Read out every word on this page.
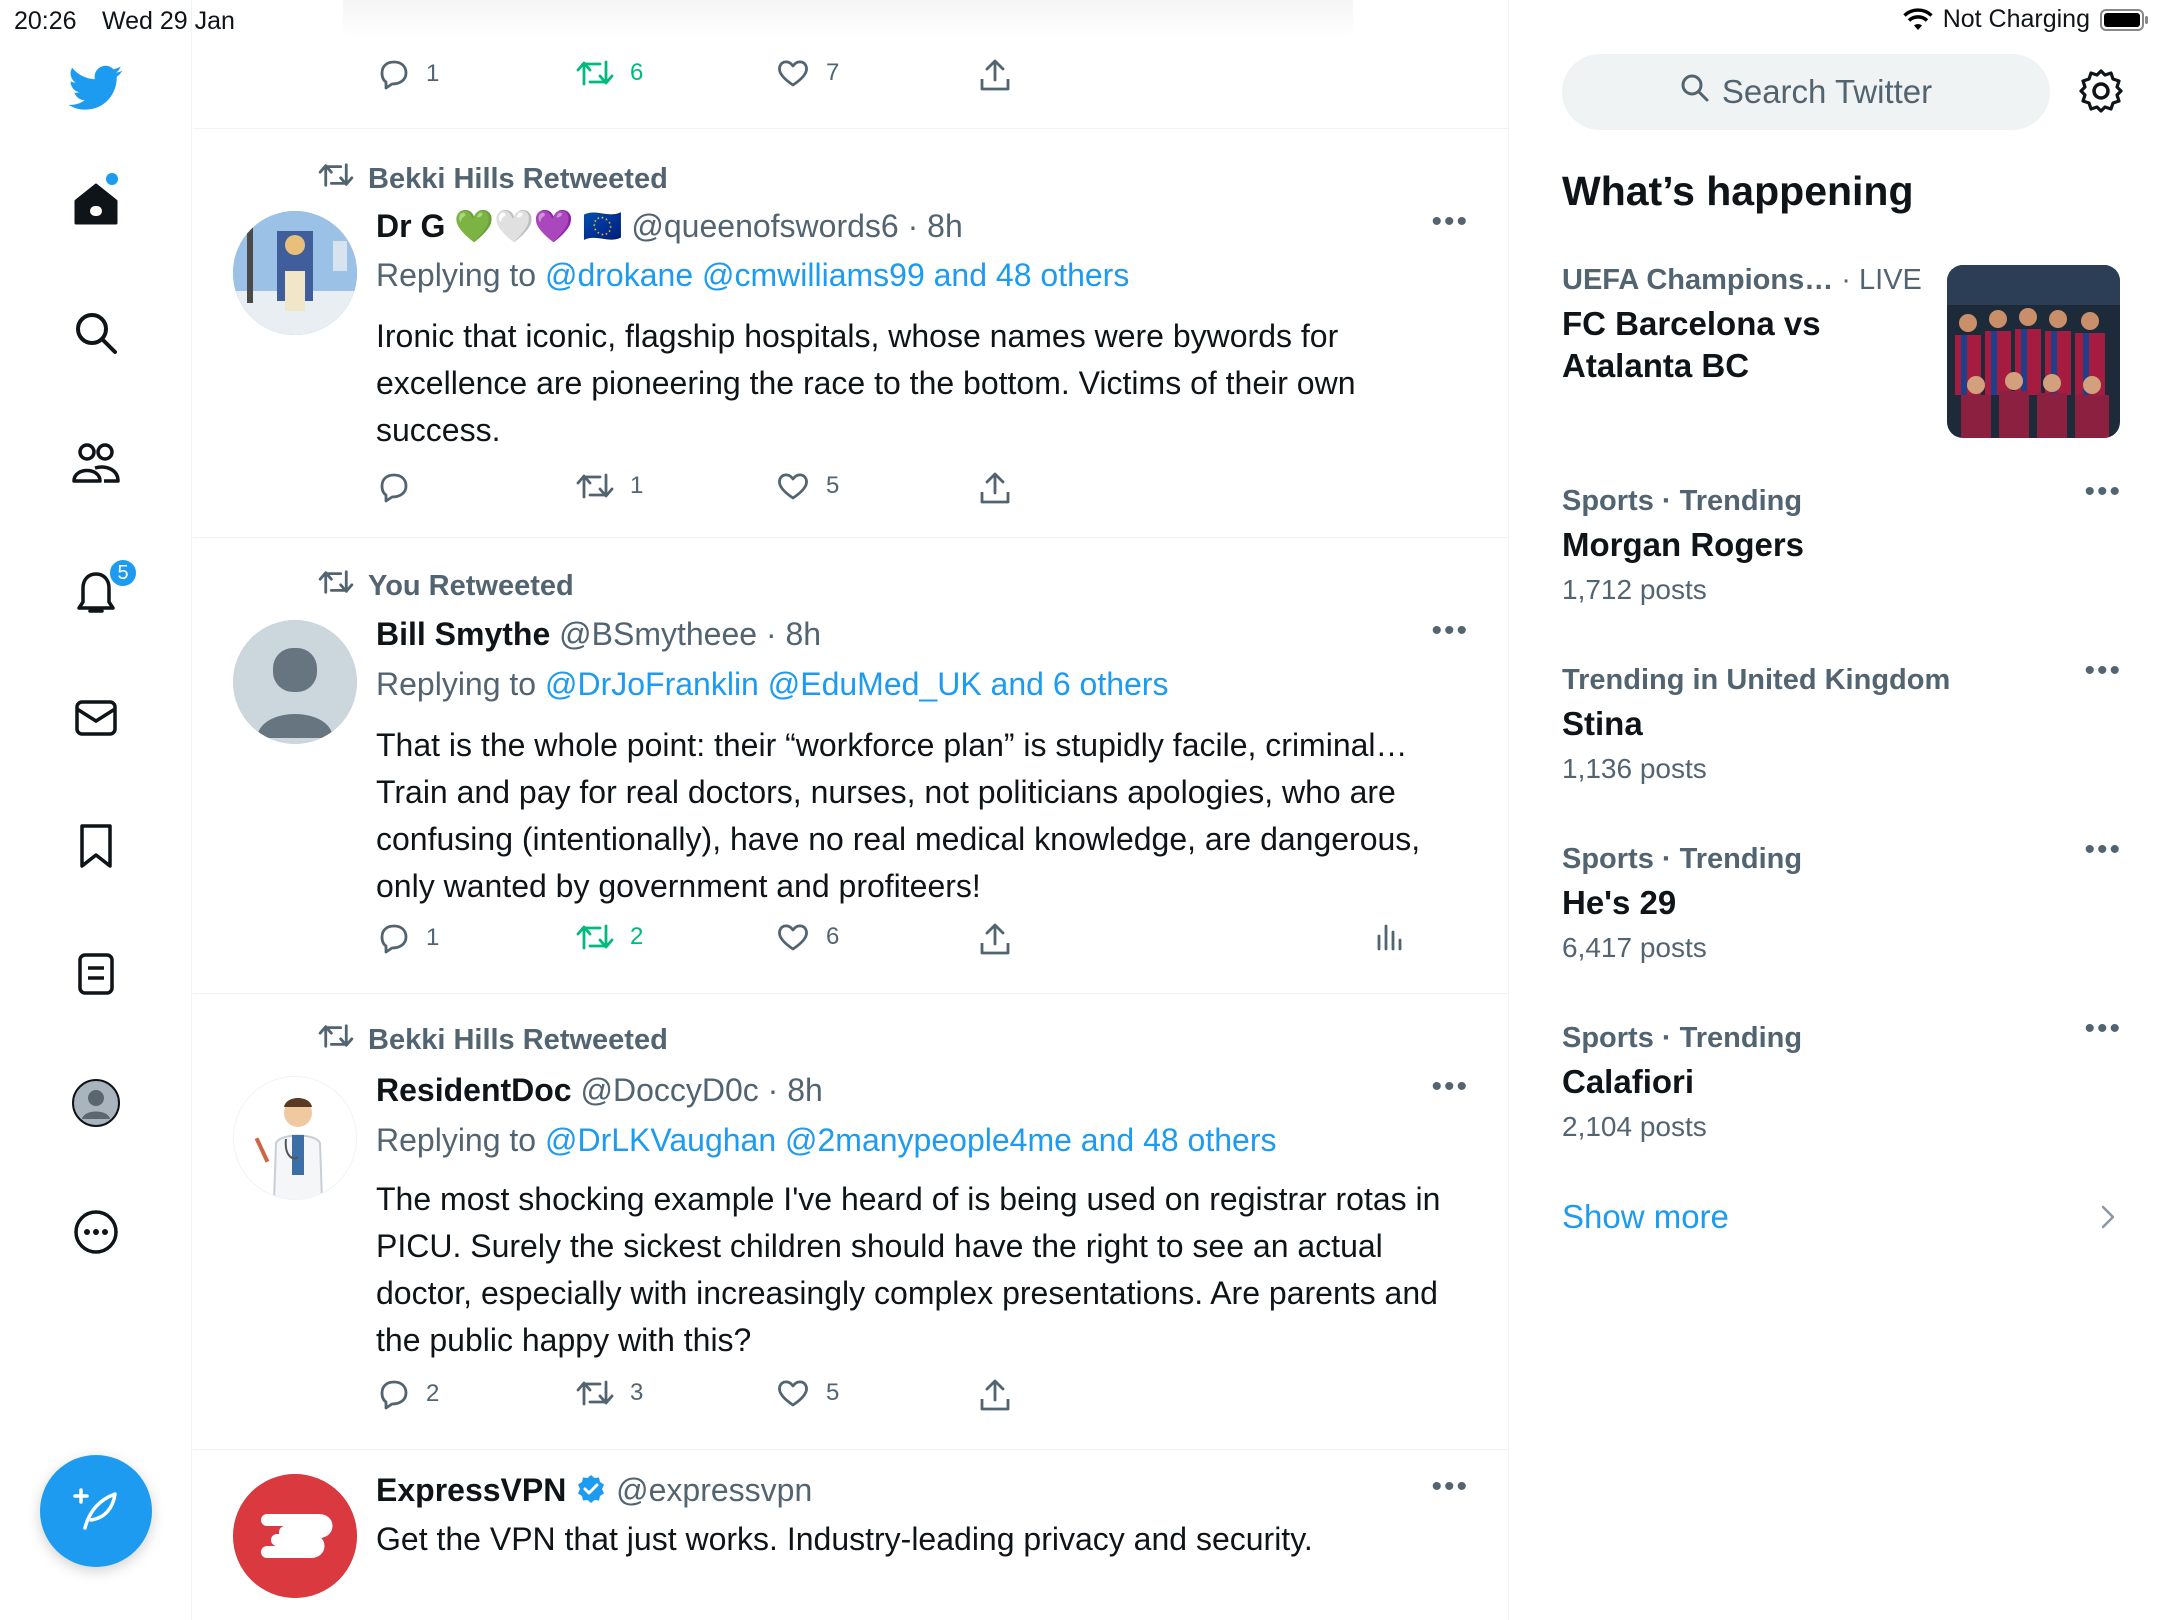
20:26 Wed 29 Jan	Not Charging
5
1	6	7
Bekki Hills Retweeted
Dr G 💚🤍💜 🇪🇺 @queenofswords6 · 8h	•••
Replying to @drokane @cmwilliams99 and 48 others
Ironic that iconic, flagship hospitals, whose names were bywords for excellence are pioneering the race to the bottom. Victims of their own success.
1	5
You Retweeted
Bill Smythe @BSmytheee · 8h	•••
Replying to @DrJoFranklin @EduMed_UK and 6 others
That is the whole point: their “workforce plan” is stupidly facile, criminal…Train and pay for real doctors, nurses, not politicians apologies, who are confusing (intentionally), have no real medical knowledge, are dangerous, only wanted by government and profiteers!
1	2	6
Bekki Hills Retweeted
ResidentDoc @DoccyD0c · 8h	•••
Replying to @DrLKVaughan @2manypeople4me and 48 others
The most shocking example I've heard of is being used on registrar rotas in PICU. Surely the sickest children should have the right to see an actual doctor, especially with increasingly complex presentations. Are parents and the public happy with this?
2	3	5
ExpressVPN @expressvpn	•••
Get the VPN that just works. Industry-leading privacy and security.
Search Twitter
What’s happening
UEFA Champions… · LIVE
FC Barcelona vs Atalanta BC
Sports · Trending
Morgan Rogers
1,712 posts
•••
Trending in United Kingdom
Stina
1,136 posts
•••
Sports · Trending
He's 29
6,417 posts
•••
Sports · Trending
Calafiori
2,104 posts
•••
Show more
